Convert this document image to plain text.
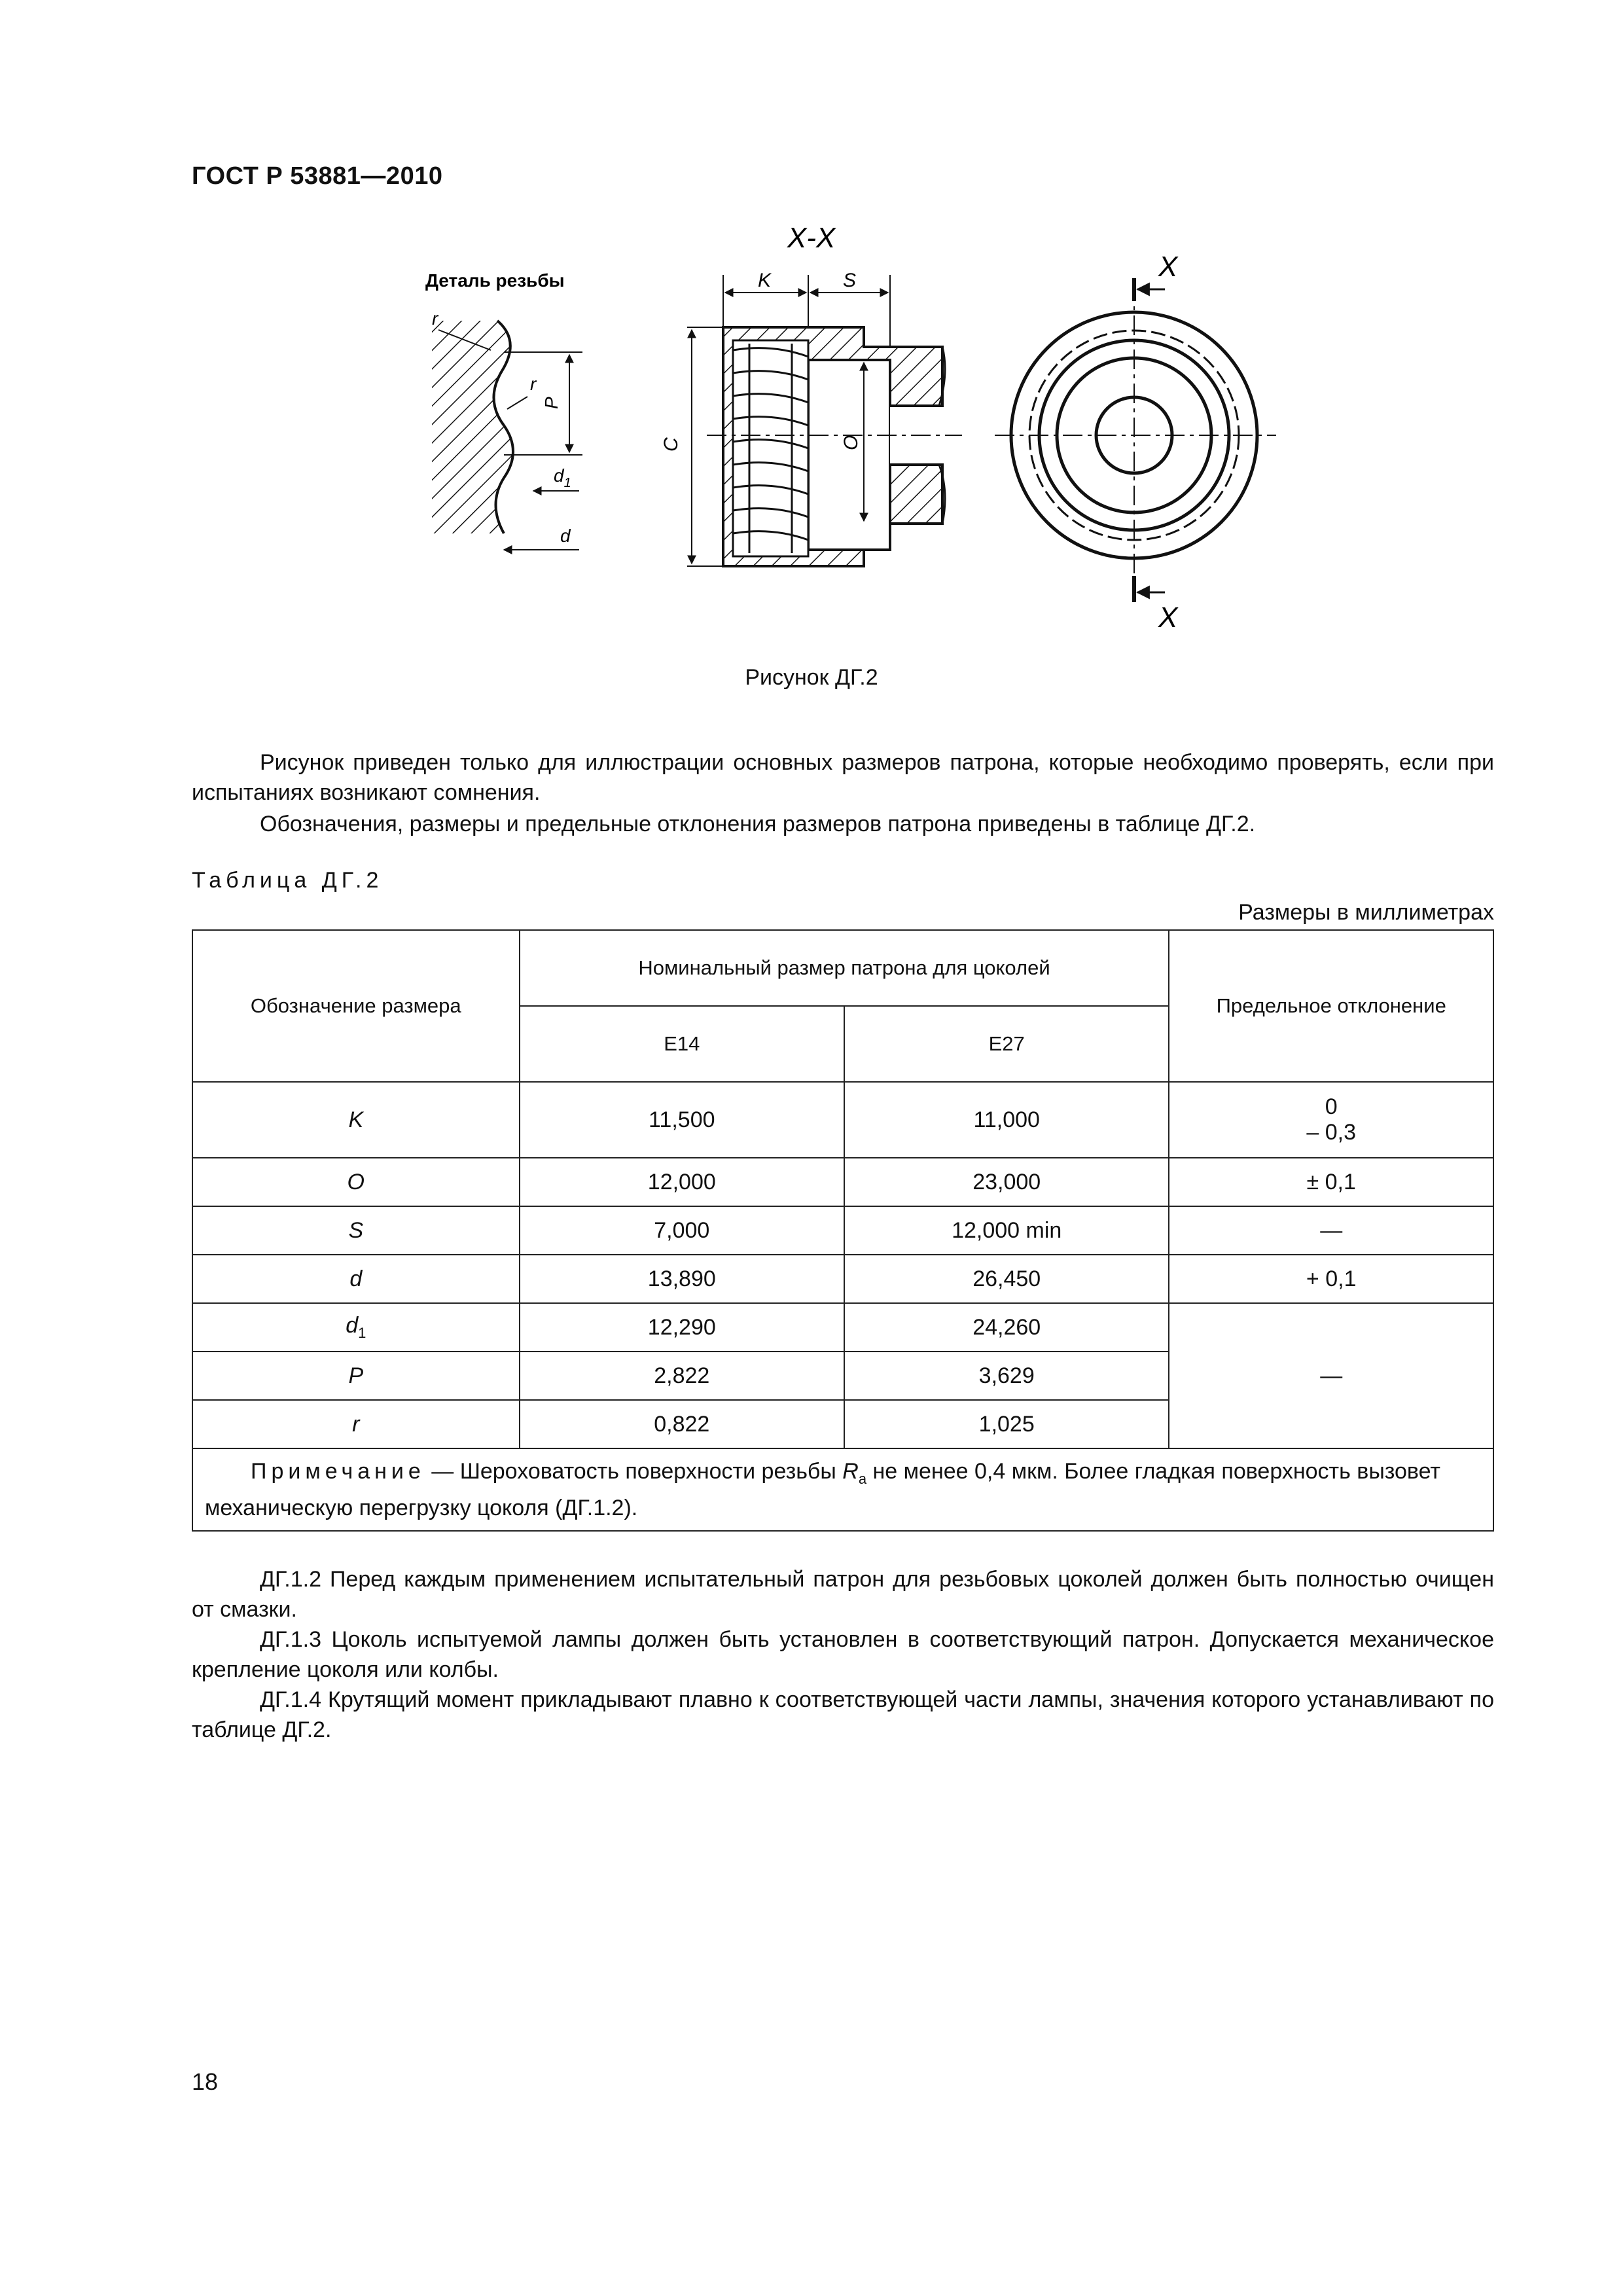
ГОСТ Р 53881—2010
Деталь резьбы
r
r
P
$d_1$
d
Х-Х
K	S
C	O
X
X
Рисунок ДГ.2
Рисунок приведен только для иллюстрации основных размеров патрона, которые необходимо проверять, если при испытаниях возникают сомнения.
Обозначения, размеры и предельные отклонения размеров патрона приведены в таблице ДГ.2.
Таблица ДГ.2
Размеры в миллиметрах
Обозначение размера	Номинальный размер патрона для цоколей		Предельное отклонение
	E14	E27	
K	11,500	11,000	0
– 0,3

O	12,000	23,000	± 0,1
S	7,000	12,000 min	—
d	13,890	26,450	+ 0,1
$d_1$	12,290	24,260	—
P	2,822	3,629	
r	0,822	1,025	
Примечание — Шероховатость поверхности резьбы $R_a$ не менее 0,4 мкм. Более гладкая поверхность вызовет механическую перегрузку цоколя (ДГ.1.2).			
ДГ.1.2 Перед каждым применением испытательный патрон для резьбовых цоколей должен быть полностью очищен от смазки.
ДГ.1.3 Цоколь испытуемой лампы должен быть установлен в соответствующий патрон. Допускается механическое крепление цоколя или колбы.
ДГ.1.4 Крутящий момент прикладывают плавно к соответствующей части лампы, значения которого устанавливают по таблице ДГ.2.
18
